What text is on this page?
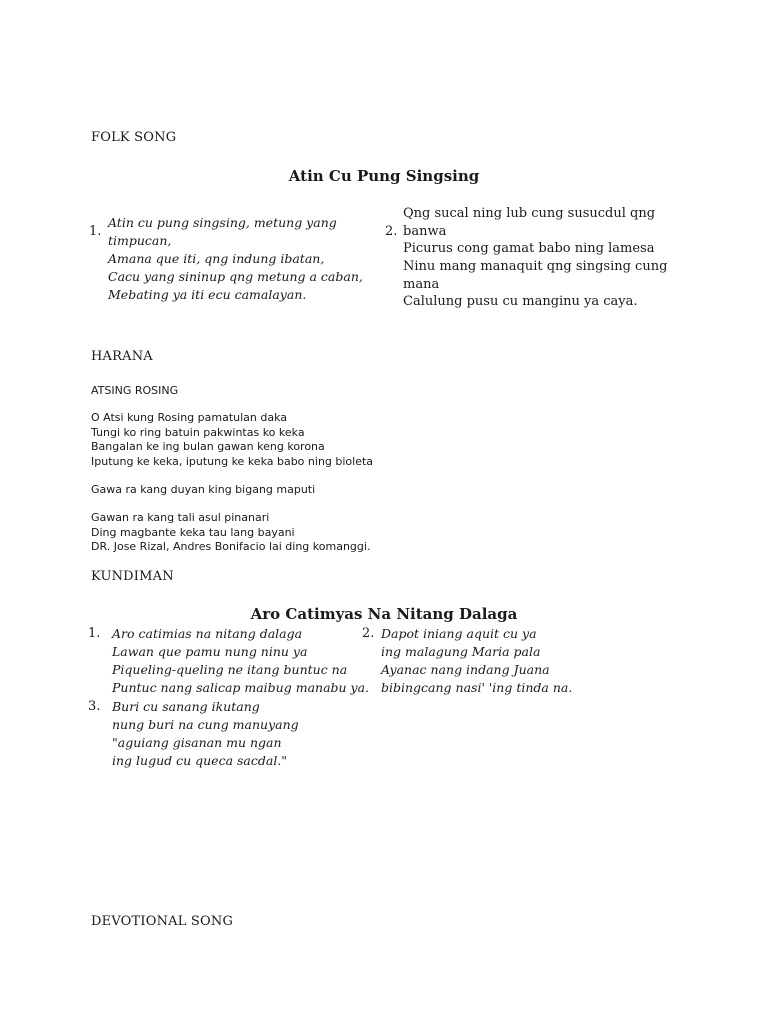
FOLK SONG
Atin Cu Pung Singsing
1.
Atin cu pung singsing, metung yang
timpucan,
Amana que iti, qng indung ibatan,
Cacu yang sininup qng metung a caban,
Mebating ya iti ecu camalayan.
2.
Qng sucal ning lub cung susucdul qng
banwa
Picurus cong gamat babo ning lamesa
Ninu mang manaquit qng singsing cung
mana
Calulung pusu cu manginu ya caya.
HARANA
ATSING ROSING
O Atsi kung Rosing pamatulan daka
Tungi ko ring batuin pakwintas ko keka
Bangalan ke ing bulan gawan keng korona
Iputung ke keka, iputung ke keka babo ning bioleta
Gawa ra kang duyan king bigang maputi
Gawan ra kang tali asul pinanari
Ding magbante keka tau lang bayani
DR. Jose Rizal, Andres Bonifacio lai ding komanggi.
KUNDIMAN
Aro Catimyas Na Nitang Dalaga
1. Aro catimias na nitang dalaga
Lawan que pamu nung ninu ya
Piqueling-queling ne itang buntuc na
Puntuc nang salicap maibug manabu ya.
2. Dapot iniang aquit cu ya
ing malagung Maria pala
Ayanac nang indang Juana
bibingcang nasi' 'ing tinda na.
3. Buri cu sanang ikutang
nung buri na cung manuyang
"aguiang gisanan mu ngan
ing lugud cu queca sacdal."
DEVOTIONAL SONG
